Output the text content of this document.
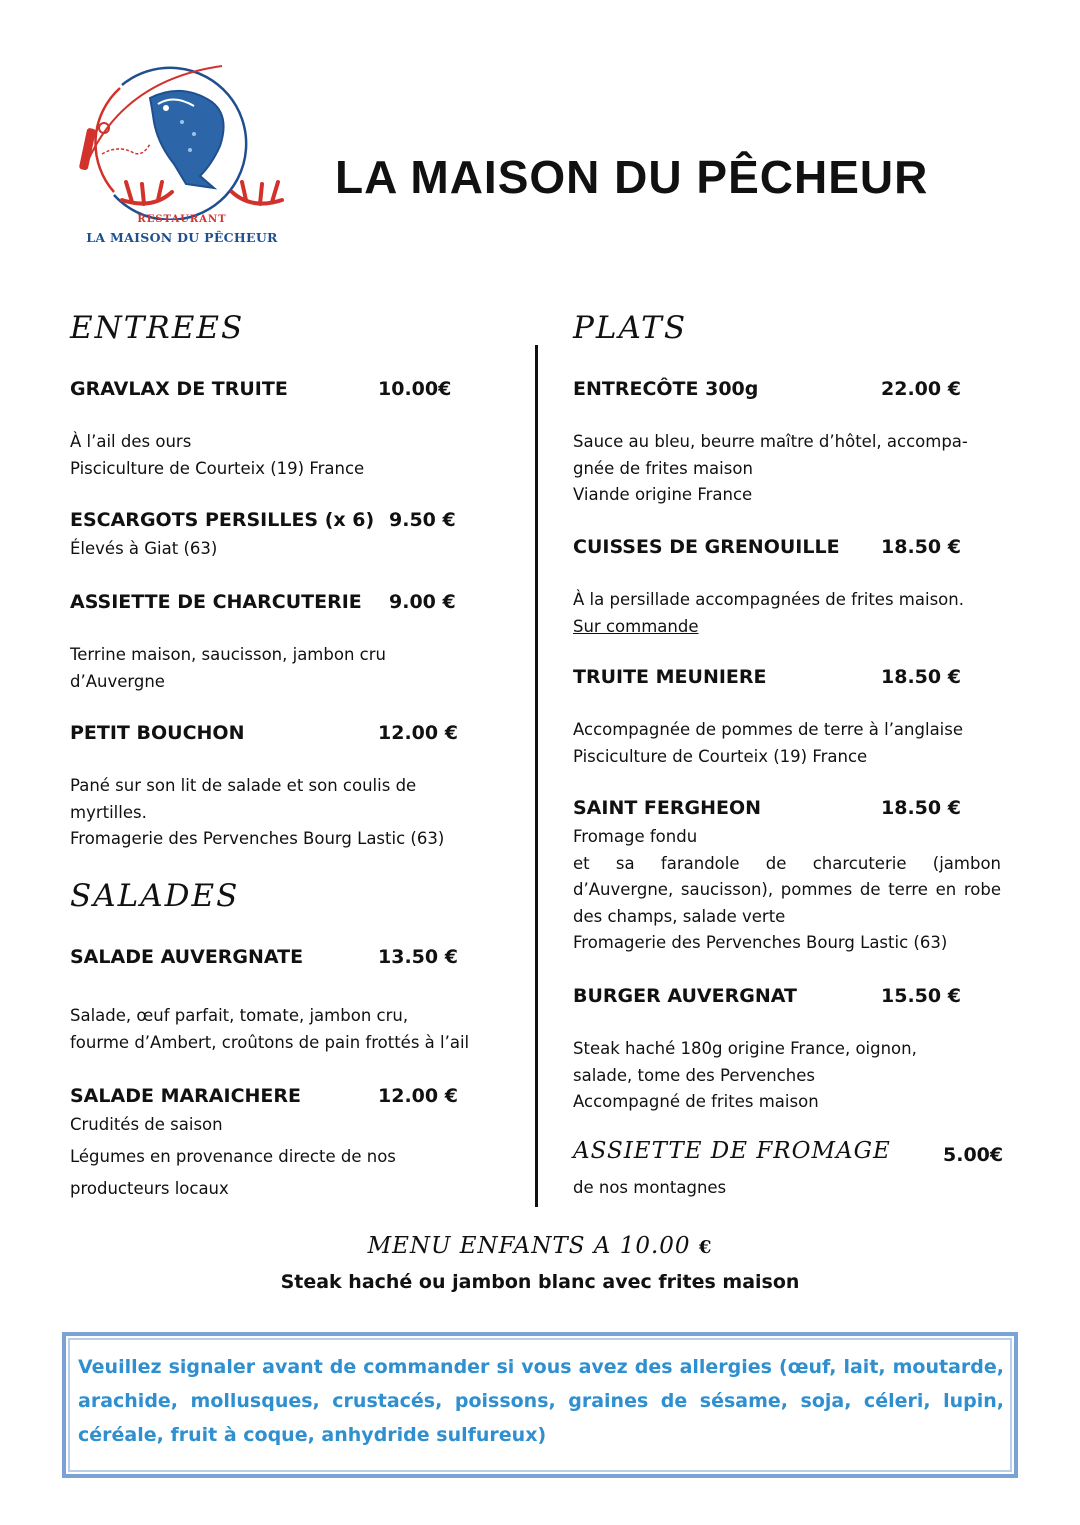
RESTAURANT
LA MAISON DU PÊCHEUR
LA MAISON DU PÊCHEUR
ENTREES
GRAVLAX DE TRUITE	10.00€
À l’ail des ours
Pisciculture de Courteix (19) France
ESCARGOTS PERSILLES (x 6) 9.50 €
Élevés à Giat (63)
ASSIETTE DE CHARCUTERIE 9.00 €
Terrine maison, saucisson, jambon cru
d’Auvergne
PETIT BOUCHON	12.00 €
Pané sur son lit de salade et son coulis de
myrtilles.
Fromagerie des Pervenches Bourg Lastic (63)
SALADES
SALADE AUVERGNATE	13.50 €
Salade, œuf parfait, tomate, jambon cru,
fourme d’Ambert, croûtons de pain frottés à l’ail
SALADE MARAICHERE	12.00 €
Crudités de saison
Légumes en provenance directe de nos
producteurs locaux
PLATS
ENTRECÔTE 300g	22.00 €
Sauce au bleu, beurre maître d’hôtel, accompa-
gnée de frites maison
Viande origine France
CUISSES DE GRENOUILLE 18.50 €
À la persillade accompagnées de frites maison.
Sur commande
TRUITE MEUNIERE	18.50 €
Accompagnée de pommes de terre à l’anglaise
Pisciculture de Courteix (19) France
SAINT FERGHEON	18.50 €
Fromage fondu
et sa farandole de charcuterie (jambon d’Auvergne, saucisson), pommes de terre en robe des champs, salade verte
Fromagerie des Pervenches Bourg Lastic (63)
BURGER AUVERGNAT	15.50 €
Steak haché 180g origine France, oignon,
salade, tome des Pervenches
Accompagné de frites maison
ASSIETTE DE FROMAGE	5.00€
de nos montagnes
MENU ENFANTS A 10.00 €
Steak haché ou jambon blanc avec frites maison

Veuillez signaler avant de commander si vous avez des allergies (œuf, lait, moutarde, arachide, mollusques, crustacés, poissons, graines de sésame, soja, céleri, lupin, céréale, fruit à coque, anhydride sulfureux)
